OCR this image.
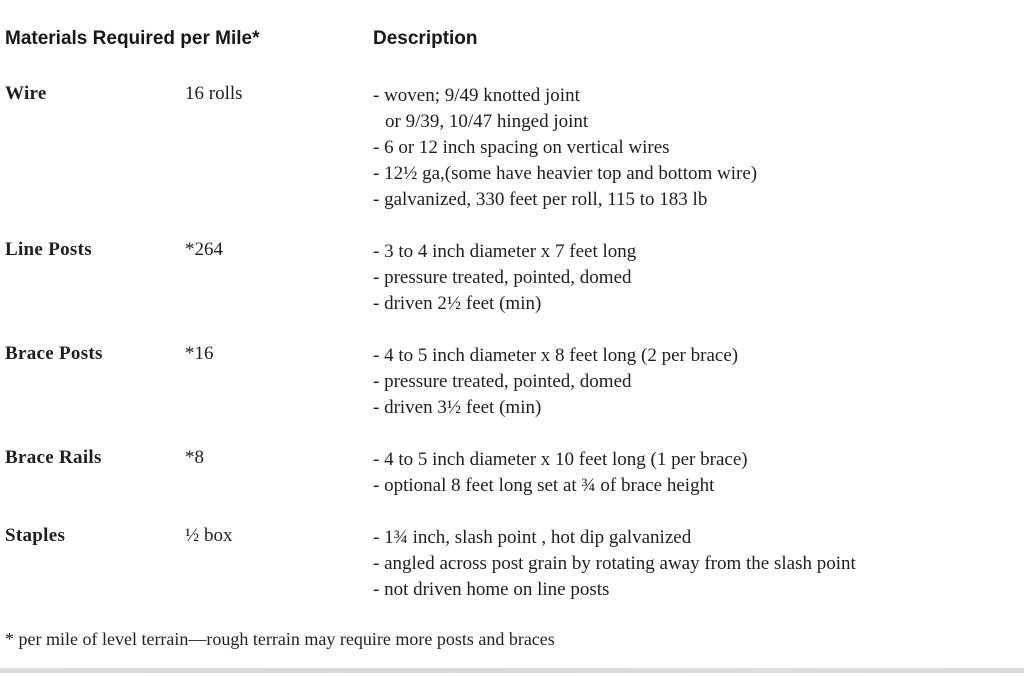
Materials Required per Mile*	Description
Wire	16 rolls	- woven; 9/49 knotted joint
or 9/39, 10/47 hinged joint
- 6 or 12 inch spacing on vertical wires
- 12½ ga,(some have heavier top and bottom wire)
- galvanized, 330 feet per roll, 115 to 183 lb
Line Posts	*264	- 3 to 4 inch diameter x 7 feet long
- pressure treated, pointed, domed
- driven 2½ feet (min)
Brace Posts	*16	- 4 to 5 inch diameter x 8 feet long (2 per brace)
- pressure treated, pointed, domed
- driven 3½ feet (min)
Brace Rails	*8	- 4 to 5 inch diameter x 10 feet long (1 per brace)
- optional 8 feet long set at ¾ of brace height
Staples	½ box	- 1¾ inch, slash point , hot dip galvanized
- angled across post grain by rotating away from the slash point
- not driven home on line posts
* per mile of level terrain—rough terrain may require more posts and braces
